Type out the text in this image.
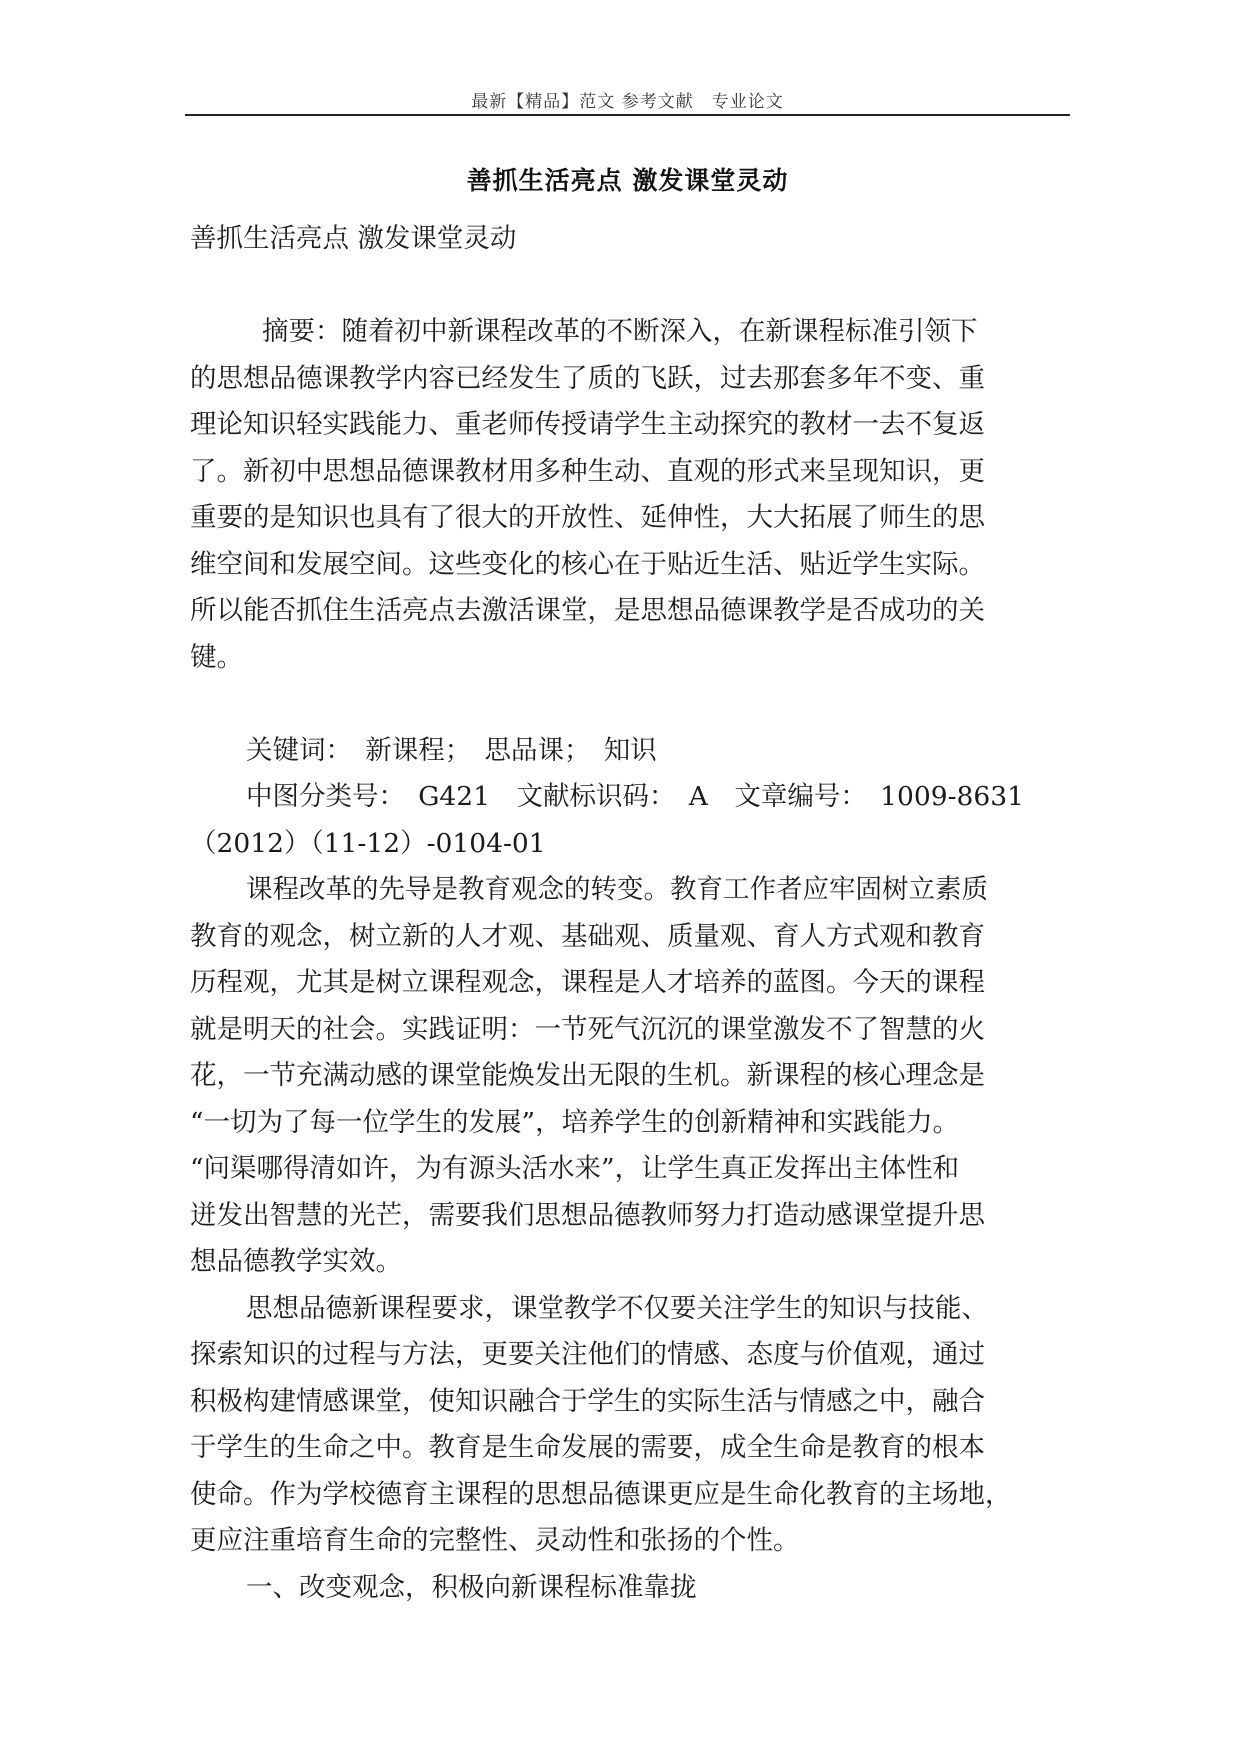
最新【精品】范文 参考文献　专业论文
善抓生活亮点 激发课堂灵动
善抓生活亮点 激发课堂灵动
摘要：随着初中新课程改革的不断深入，在新课程标准引领下
的思想品德课教学内容已经发生了质的飞跃，过去那套多年不变、重
理论知识轻实践能力、重老师传授请学生主动探究的教材一去不复返
了。新初中思想品德课教材用多种生动、直观的形式来呈现知识，更
重要的是知识也具有了很大的开放性、延伸性，大大拓展了师生的思
维空间和发展空间。这些变化的核心在于贴近生活、贴近学生实际。
所以能否抓住生活亮点去激活课堂，是思想品德课教学是否成功的关
键。
关键词：　新课程；　思品课；　知识
中图分类号：　G421　文献标识码：　A　文章编号：　1009-8631
（2012）（11-12）-0104-01
课程改革的先导是教育观念的转变。教育工作者应牢固树立素质
教育的观念，树立新的人才观、基础观、质量观、育人方式观和教育
历程观，尤其是树立课程观念，课程是人才培养的蓝图。今天的课程
就是明天的社会。实践证明：一节死气沉沉的课堂激发不了智慧的火
花，一节充满动感的课堂能焕发出无限的生机。新课程的核心理念是
“一切为了每一位学生的发展”，培养学生的创新精神和实践能力。
“问渠哪得清如许，为有源头活水来”，让学生真正发挥出主体性和
迸发出智慧的光芒，需要我们思想品德教师努力打造动感课堂提升思
想品德教学实效。
思想品德新课程要求，课堂教学不仅要关注学生的知识与技能、
探索知识的过程与方法，更要关注他们的情感、态度与价值观，通过
积极构建情感课堂，使知识融合于学生的实际生活与情感之中，融合
于学生的生命之中。教育是生命发展的需要，成全生命是教育的根本
使命。作为学校德育主课程的思想品德课更应是生命化教育的主场地，
更应注重培育生命的完整性、灵动性和张扬的个性。
一、改变观念，积极向新课程标准靠拢
